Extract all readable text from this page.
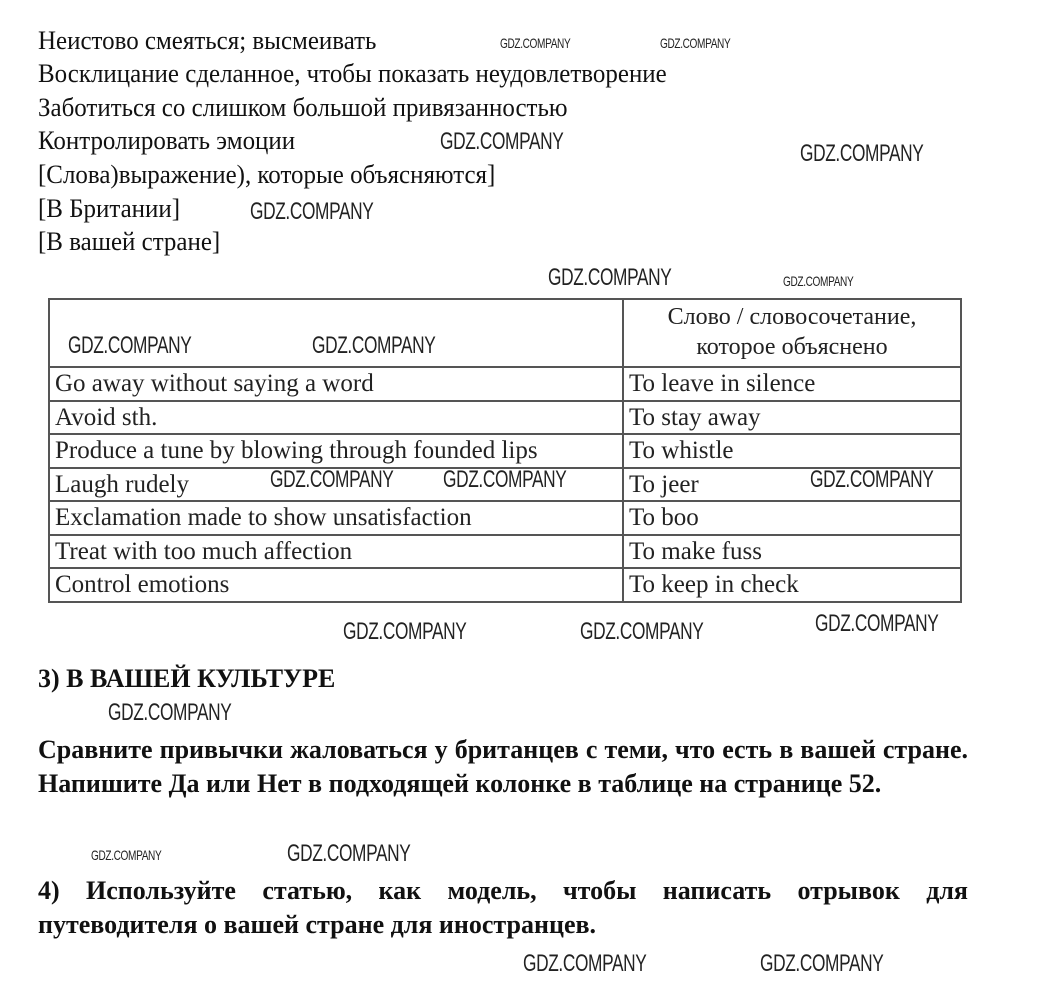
Неистово смеяться; высмеивать
Восклицание сделанное, чтобы показать неудовлетворение
Заботиться со слишком большой привязанностью
Контролировать эмоции
[Слова)выражение), которые объясняются]
[В Британии]
[В вашей стране]
	Слово / словосочетание,
которое объяснено
Go away without saying a word	To leave in silence
Avoid sth.	To stay away
Produce a tune by blowing through founded lips	To whistle
Laugh rudely	To jeer
Exclamation made to show unsatisfaction	To boo
Treat with too much affection	To make fuss
Control emotions	To keep in check
3) В ВАШЕЙ КУЛЬТУРЕ
Сравните привычки жаловаться у британцев с теми, что есть в вашей стране. Напишите Да или Нет в подходящей колонке в таблице на странице 52.
4) Используйте статью, как модель, чтобы написать отрывок для путеводителя о вашей стране для иностранцев.
GDZ.COMPANY	GDZ.COMPANY
GDZ.COMPANY	GDZ.COMPANY
GDZ.COMPANY
GDZ.COMPANY	GDZ.COMPANY
GDZ.COMPANY	GDZ.COMPANY
GDZ.COMPANY
GDZ.COMPANY GDZ.COMPANY
GDZ.COMPANY
GDZ.COMPANY	GDZ.COMPANY
GDZ.COMPANY
GDZ.COMPANY	GDZ.COMPANY
GDZ.COMPANY	GDZ.COMPANY
